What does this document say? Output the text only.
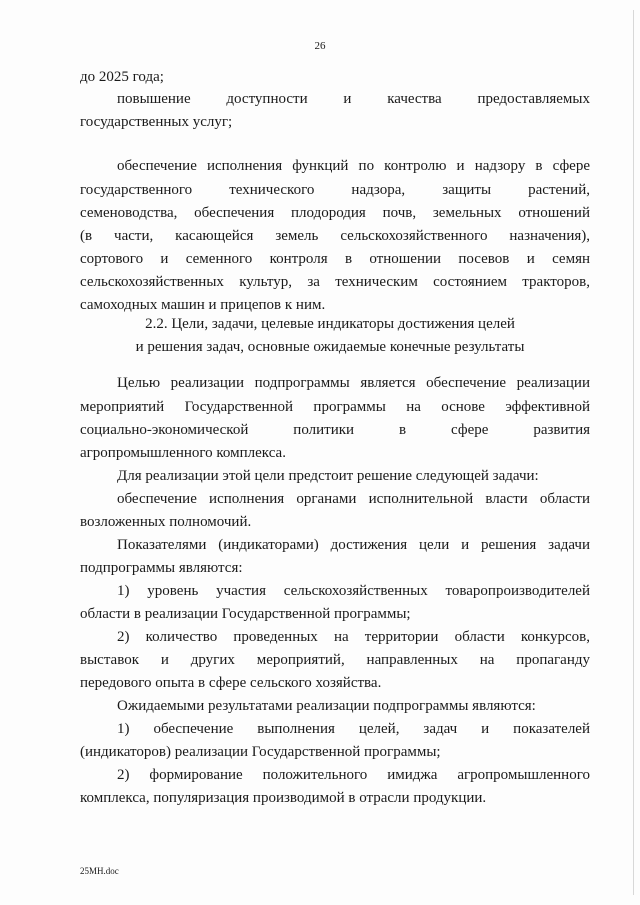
26
до 2025 года;
повышение доступности и качества предоставляемых
государственных услуг;
обеспечение исполнения функций по контролю и надзору в сфере
государственного технического надзора, защиты растений,
семеноводства, обеспечения плодородия почв, земельных отношений
(в части, касающейся земель сельскохозяйственного назначения),
сортового и семенного контроля в отношении посевов и семян
сельскохозяйственных культур, за техническим состоянием тракторов,
самоходных машин и прицепов к ним.
2.2. Цели, задачи, целевые индикаторы достижения целей
и решения задач, основные ожидаемые конечные результаты
Целью реализации подпрограммы является обеспечение реализации
мероприятий Государственной программы на основе эффективной
социально-экономической политики в сфере развития
агропромышленного комплекса.
Для реализации этой цели предстоит решение следующей задачи:
обеспечение исполнения органами исполнительной власти области
возложенных полномочий.
Показателями (индикаторами) достижения цели и решения задачи
подпрограммы являются:
1) уровень участия сельскохозяйственных товаропроизводителей
области в реализации Государственной программы;
2) количество проведенных на территории области конкурсов,
выставок и других мероприятий, направленных на пропаганду
передового опыта в сфере сельского хозяйства.
Ожидаемыми результатами реализации подпрограммы являются:
1) обеспечение выполнения целей, задач и показателей
(индикаторов) реализации Государственной программы;
2) формирование положительного имиджа агропромышленного
комплекса, популяризация производимой в отрасли продукции.
25МН.doc
